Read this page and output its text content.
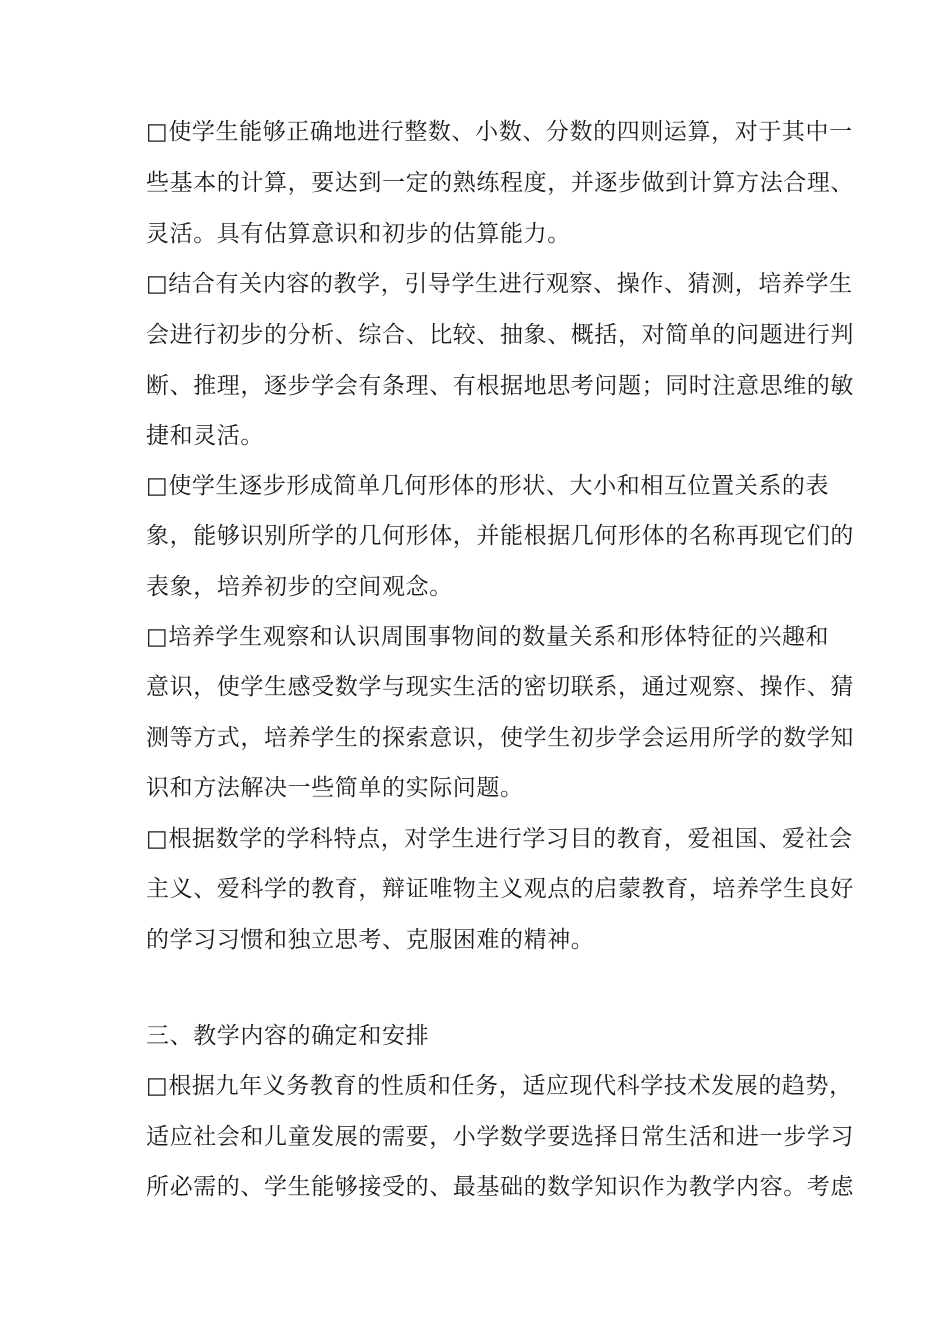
□使学生能够正确地进行整数、小数、分数的四则运算，对于其中一
些基本的计算，要达到一定的熟练程度，并逐步做到计算方法合理、
灵活。具有估算意识和初步的估算能力。
□结合有关内容的教学，引导学生进行观察、操作、猜测，培养学生
会进行初步的分析、综合、比较、抽象、概括，对简单的问题进行判
断、推理，逐步学会有条理、有根据地思考问题；同时注意思维的敏
捷和灵活。
□使学生逐步形成简单几何形体的形状、大小和相互位置关系的表
象，能够识别所学的几何形体，并能根据几何形体的名称再现它们的
表象，培养初步的空间观念。
□培养学生观察和认识周围事物间的数量关系和形体特征的兴趣和
意识，使学生感受数学与现实生活的密切联系，通过观察、操作、猜
测等方式，培养学生的探索意识，使学生初步学会运用所学的数学知
识和方法解决一些简单的实际问题。
□根据数学的学科特点，对学生进行学习目的教育，爱祖国、爱社会
主义、爱科学的教育，辩证唯物主义观点的启蒙教育，培养学生良好
的学习习惯和独立思考、克服困难的精神。
三、教学内容的确定和安排
□根据九年义务教育的性质和任务，适应现代科学技术发展的趋势，
适应社会和儿童发展的需要，小学数学要选择日常生活和进一步学习
所必需的、学生能够接受的、最基础的数学知识作为教学内容。考虑
